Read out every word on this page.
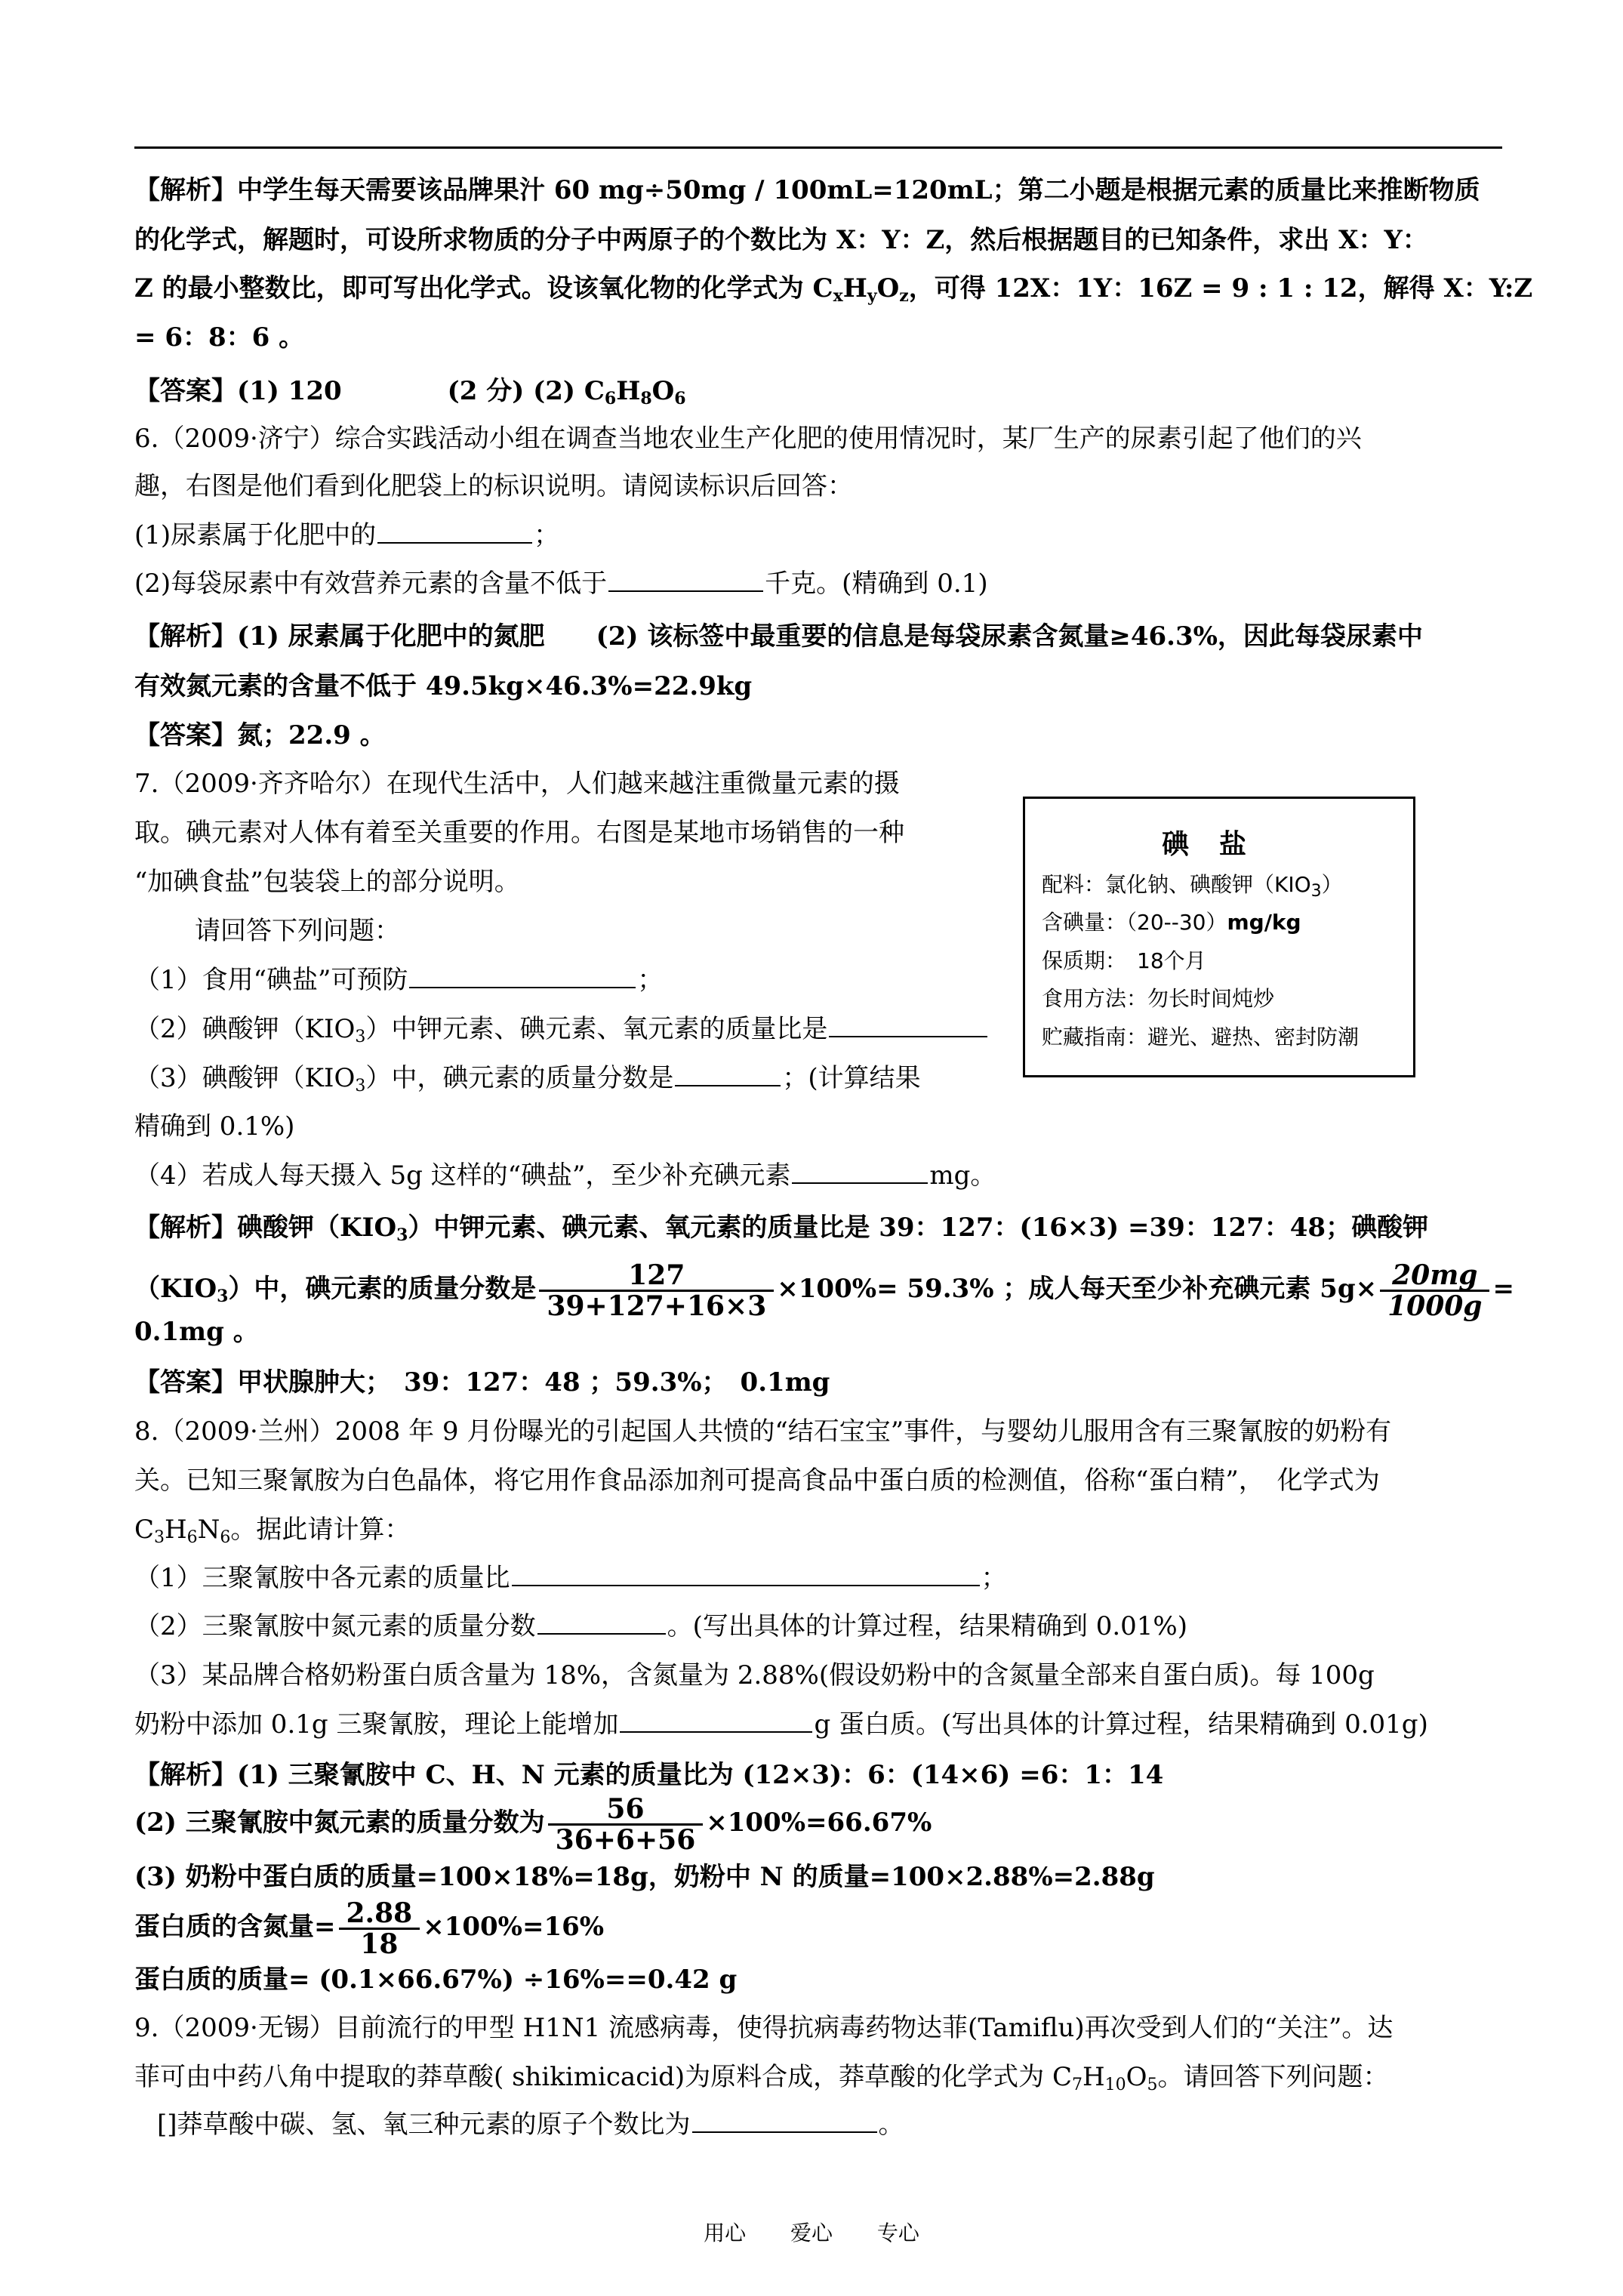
【解析】中学生每天需要该品牌果汁 60 mg÷50mg / 100mL=120mL；第二小题是根据元素的质量比来推断物质
的化学式，解题时，可设所求物质的分子中两原子的个数比为 X：Y：Z，然后根据题目的已知条件，求出 X：Y：
Z 的最小整数比，即可写出化学式。设该氧化物的化学式为 $C_xH_yO_z$，可得 12X：1Y：16Z = 9 : 1 : 12，解得 X：Y:Z
= 6：8：6 。
【答案】(1) 120	(2 分) (2) $C_6H_8O_6$
6.（2009·济宁）综合实践活动小组在调查当地农业生产化肥的使用情况时，某厂生产的尿素引起了他们的兴
趣，右图是他们看到化肥袋上的标识说明。请阅读标识后回答：
(1)尿素属于化肥中的	；
(2)每袋尿素中有效营养元素的含量不低于	千克。(精确到 0.1)
【解析】(1) 尿素属于化肥中的氮肥　　(2) 该标签中最重要的信息是每袋尿素含氮量≥46.3%，因此每袋尿素中
有效氮元素的含量不低于 49.5kg×46.3%=22.9kg
【答案】氮；22.9 。
7.（2009·齐齐哈尔）在现代生活中，人们越来越注重微量元素的摄
取。碘元素对人体有着至关重要的作用。右图是某地市场销售的一种
“加碘食盐”包装袋上的部分说明。
请回答下列问题：
（1）食用“碘盐”可预防	；
（2）碘酸钾$(KIO_3)$中钾元素、碘元素、氧元素的质量比是
（3）碘酸钾$(KIO_3)$中，碘元素的质量分数是	；(计算结果
精确到 0.1%)
（4）若成人每天摄入 5g 这样的“碘盐”，至少补充碘元素	mg。
碘盐
配料：氯化钠、碘酸钾$(KIO_3)$
含碘量：（20--30）mg/kg
保质期：　18个月
食用方法：勿长时间炖炒
贮藏指南：避光、避热、密封防潮
【解析】碘酸钾$(KIO_3)$中钾元素、碘元素、氧元素的质量比是 39：127：(16×3) =39：127：48；碘酸钾
$(KIO_3)$中，碘元素的质量分数是 $\frac{127}{39+127+16\times 3} \times 100\%= 59.3\%$ ；成人每天至少补充碘元素 $5g\times \frac{20mg}{1000g}$ =
0.1mg 。
【答案】甲状腺肿大；　39：127：48 ；59.3%；　0.1mg
8.（2009·兰州）2008 年 9 月份曝光的引起国人共愤的“结石宝宝”事件，与婴幼儿服用含有三聚氰胺的奶粉有
关。已知三聚氰胺为白色晶体，将它用作食品添加剂可提高食品中蛋白质的检测值，俗称“蛋白精”，　化学式为
$C_3H_6N_6$。据此请计算：
（1）三聚氰胺中各元素的质量比	；
（2）三聚氰胺中氮元素的质量分数	。(写出具体的计算过程，结果精确到 0.01%)
（3）某品牌合格奶粉蛋白质含量为 18%，含氮量为 2.88%(假设奶粉中的含氮量全部来自蛋白质)。每 100g
奶粉中添加 0.1g 三聚氰胺，理论上能增加	g 蛋白质。(写出具体的计算过程，结果精确到 0.01g)
【解析】(1) 三聚氰胺中 C、H、N 元素的质量比为 (12×3)：6：(14×6) =6：1：14
(2) 三聚氰胺中氮元素的质量分数为 $\frac{56}{36+6+56} \times 100\%=66.67\%$
(3) 奶粉中蛋白质的质量=100×18%=18g，奶粉中 N 的质量=100×2.88%=2.88g
蛋白质的含氮量= $\frac{2.88}{18} \times 100\%=16\%$
蛋白质的质量= (0.1×66.67%) ÷16%==0.42 g
9.（2009·无锡）目前流行的甲型 H1N1 流感病毒，使得抗病毒药物达菲(Tamiflu)再次受到人们的“关注”。达
菲可由中药八角中提取的莽草酸( shikimicacid)为原料合成，莽草酸的化学式为 $C_7H_{10}O_5$。请回答下列问题：
[]莽草酸中碳、氢、氧三种元素的原子个数比为	。
用心 爱心 专心
